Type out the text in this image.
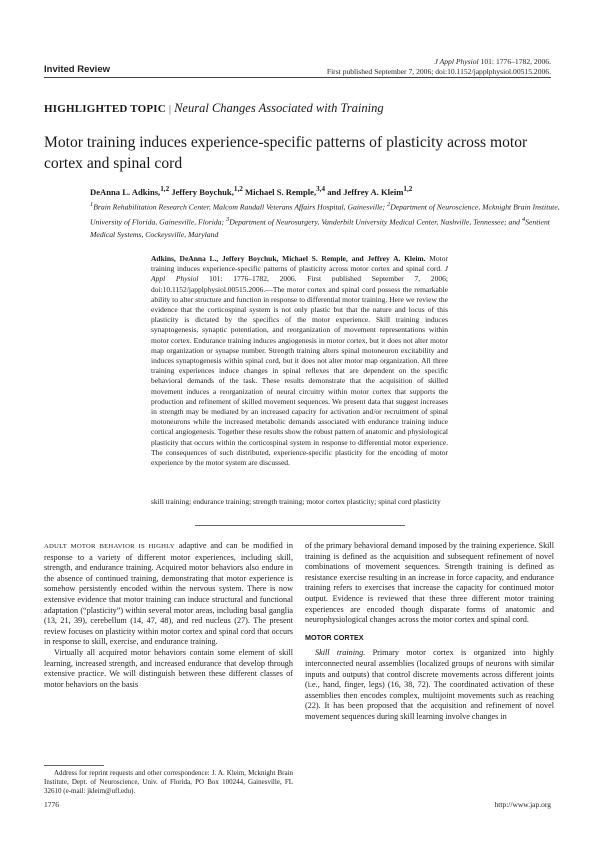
Invited Review
J Appl Physiol 101: 1776–1782, 2006.
First published September 7, 2006; doi:10.1152/japplphysiol.00515.2006.
HIGHLIGHTED TOPIC | Neural Changes Associated with Training
Motor training induces experience-specific patterns of plasticity across motor cortex and spinal cord
DeAnna L. Adkins,$^{1,2}$ Jeffery Boychuk,$^{1,2}$ Michael S. Remple,$^{3,4}$ and Jeffrey A. Kleim$^{1,2}$
$^1$Brain Rehabilitation Research Center, Malcom Randall Veterans Affairs Hospital, Gainesville; $^2$Department of Neuroscience, Mcknight Brain Institute, University of Florida, Gainesville, Florida; $^3$Department of Neurosurgery, Vanderbilt University Medical Center, Nashville, Tennessee; and $^4$Sentient Medical Systems, Cockeysville, Maryland
Adkins, DeAnna L., Jeffery Boychuk, Michael S. Remple, and Jeffrey A. Kleim. Motor training induces experience-specific patterns of plasticity across motor cortex and spinal cord. J Appl Physiol 101: 1776–1782, 2006. First published September 7, 2006; doi:10.1152/japplphysiol.00515.2006.—The motor cortex and spinal cord possess the remarkable ability to alter structure and function in response to differential motor training. Here we review the evidence that the corticospinal system is not only plastic but that the nature and locus of this plasticity is dictated by the specifics of the motor experience. Skill training induces synaptogenesis, synaptic potentiation, and reorganization of movement representations within motor cortex. Endurance training induces angiogenesis in motor cortex, but it does not alter motor map organization or synapse number. Strength training alters spinal motoneuron excitability and induces synaptogenesis within spinal cord, but it does not alter motor map organization. All three training experiences induce changes in spinal reflexes that are dependent on the specific behavioral demands of the task. These results demonstrate that the acquisition of skilled movement induces a reorganization of neural circuitry within motor cortex that supports the production and refinement of skilled movement sequences. We present data that suggest increases in strength may be mediated by an increased capacity for activation and/or recruitment of spinal motoneurons while the increased metabolic demands associated with endurance training induce cortical angiogenesis. Together these results show the robust pattern of anatomic and physiological plasticity that occurs within the corticospinal system in response to differential motor experience. The consequences of such distributed, experience-specific plasticity for the encoding of motor experience by the motor system are discussed.
skill training; endurance training; strength training; motor cortex plasticity; spinal cord plasticity

ADULT MOTOR BEHAVIOR IS HIGHLY adaptive and can be modified in response to a variety of different motor experiences, including skill, strength, and endurance training. Acquired motor behaviors also endure in the absence of continued training, demonstrating that motor experience is somehow persistently encoded within the nervous system. There is now extensive evidence that motor training can induce structural and functional adaptation (“plasticity”) within several motor areas, including basal ganglia (13, 21, 39), cerebellum (14, 47, 48), and red nucleus (27). The present review focuses on plasticity within motor cortex and spinal cord that occurs in response to skill, exercise, and endurance training.

Virtually all acquired motor behaviors contain some element of skill learning, increased strength, and increased endurance that develop through extensive practice. We will distinguish between these different classes of motor behaviors on the basis

of the primary behavioral demand imposed by the training experience. Skill training is defined as the acquisition and subsequent refinement of novel combinations of movement sequences. Strength training is defined as resistance exercise resulting in an increase in force capacity, and endurance training refers to exercises that increase the capacity for continued motor output. Evidence is reviewed that these three different motor training experiences are encoded though disparate forms of anatomic and neurophysiological changes across the motor cortex and spinal cord.

MOTOR CORTEX

Skill training. Primary motor cortex is organized into highly interconnected neural assemblies (localized groups of neurons with similar inputs and outputs) that control discrete movements across different joints (i.e., hand, finger, legs) (16, 38, 72). The coordinated activation of these assemblies then encodes complex, multijoint movements such as reaching (22). It has been proposed that the acquisition and refinement of novel movement sequences during skill learning involve changes in

Address for reprint requests and other correspondence: J. A. Kleim, Mcknight Brain Institute, Dept. of Neuroscience, Univ. of Florida, PO Box 100244, Gainesville, FL 32610 (e-mail: jkleim@ufl.edu).

1776	http://www.jap.org
